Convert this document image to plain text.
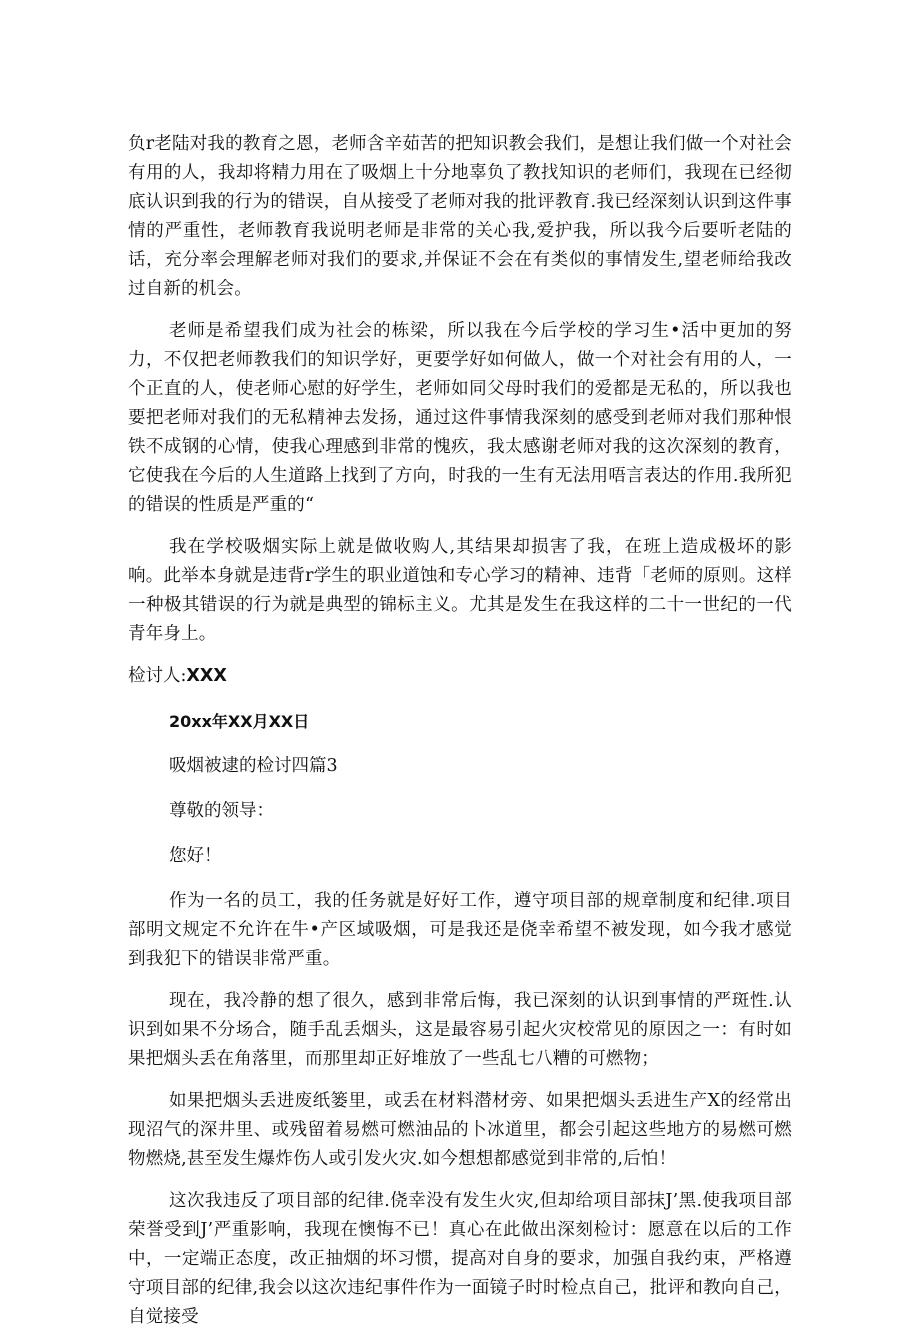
负r老陆对我的教育之恩，老师含辛茹苦的把知识教会我们，是想让我们做一个对社会有用的人，我却将精力用在了吸烟上十分地辜负了教找知识的老师们，我现在已经彻底认识到我的行为的错误，自从接受了老师对我的批评教育.我已经深刻认识到这件事情的严重性，老师教育我说明老师是非常的关心我,爱护我，所以我今后要听老陆的话，充分率会理解老师对我们的要求,并保证不会在有类似的事情发生,望老师给我改过自新的机会。

老师是希望我们成为社会的栋梁，所以我在今后学校的学习生•活中更加的努力，不仅把老师教我们的知识学好，更要学好如何做人，做一个对社会有用的人，一个正直的人，使老师心慰的好学生，老师如同父母时我们的爱都是无私的，所以我也要把老师对我们的无私精神去发扬，通过这件事情我深刻的感受到老师对我们那种恨铁不成钢的心情，使我心理感到非常的愧疚，我太感谢老师对我的这次深刻的教育，它使我在今后的人生道路上找到了方向，时我的一生有无法用唔言表达的作用.我所犯的错误的性质是严重的“

我在学校吸烟实际上就是做收购人,其结果却损害了我，在班上造成极坏的影响。此举本身就是违背r学生的职业道蚀和专心学习的精神、违背「老师的原则。这样一种极其错误的行为就是典型的锦标主义。尤其是发生在我这样的二十一世纪的一代青年身上。

检讨人:XXX

20xx年XX月XX日

吸烟被逮的检讨四篇3

尊敬的领导：

您好！

作为一名的员工，我的任务就是好好工作，遵守项目部的规章制度和纪律.项目部明文规定不允许在牛•产区域吸烟，可是我还是侥幸希望不被发现，如今我才感觉到我犯下的错误非常严重。

现在，我冷静的想了很久，感到非常后悔，我已深刻的认识到事情的严斑性.认识到如果不分场合，随手乱丢烟头，这是最容易引起火灾校常见的原因之一：有时如果把烟头丢在角落里，而那里却正好堆放了一些乱七八糟的可燃物；

如果把烟头丢进废纸篓里，或丢在材料潜材旁、如果把烟头丢进生产X的经常出现沼气的深井里、或残留着易燃可燃油品的卜冰道里，都会引起这些地方的易燃可燃物燃烧,甚至发生爆炸伤人或引发火灾.如今想想都感觉到非常的,后怕！

这次我违反了项目部的纪律.侥幸没有发生火灾,但却给项目部抹J’黑.使我项目部荣誉受到J’严重影响，我现在懊悔不已！真心在此做出深刻检讨：愿意在以后的工作中，一定端正态度，改正抽烟的坏习惯，提高对自身的要求，加强自我约束，严格遵守项目部的纪律,我会以这次违纪事件作为一面镜子时时检点自己，批评和教向自己，自觉接受
